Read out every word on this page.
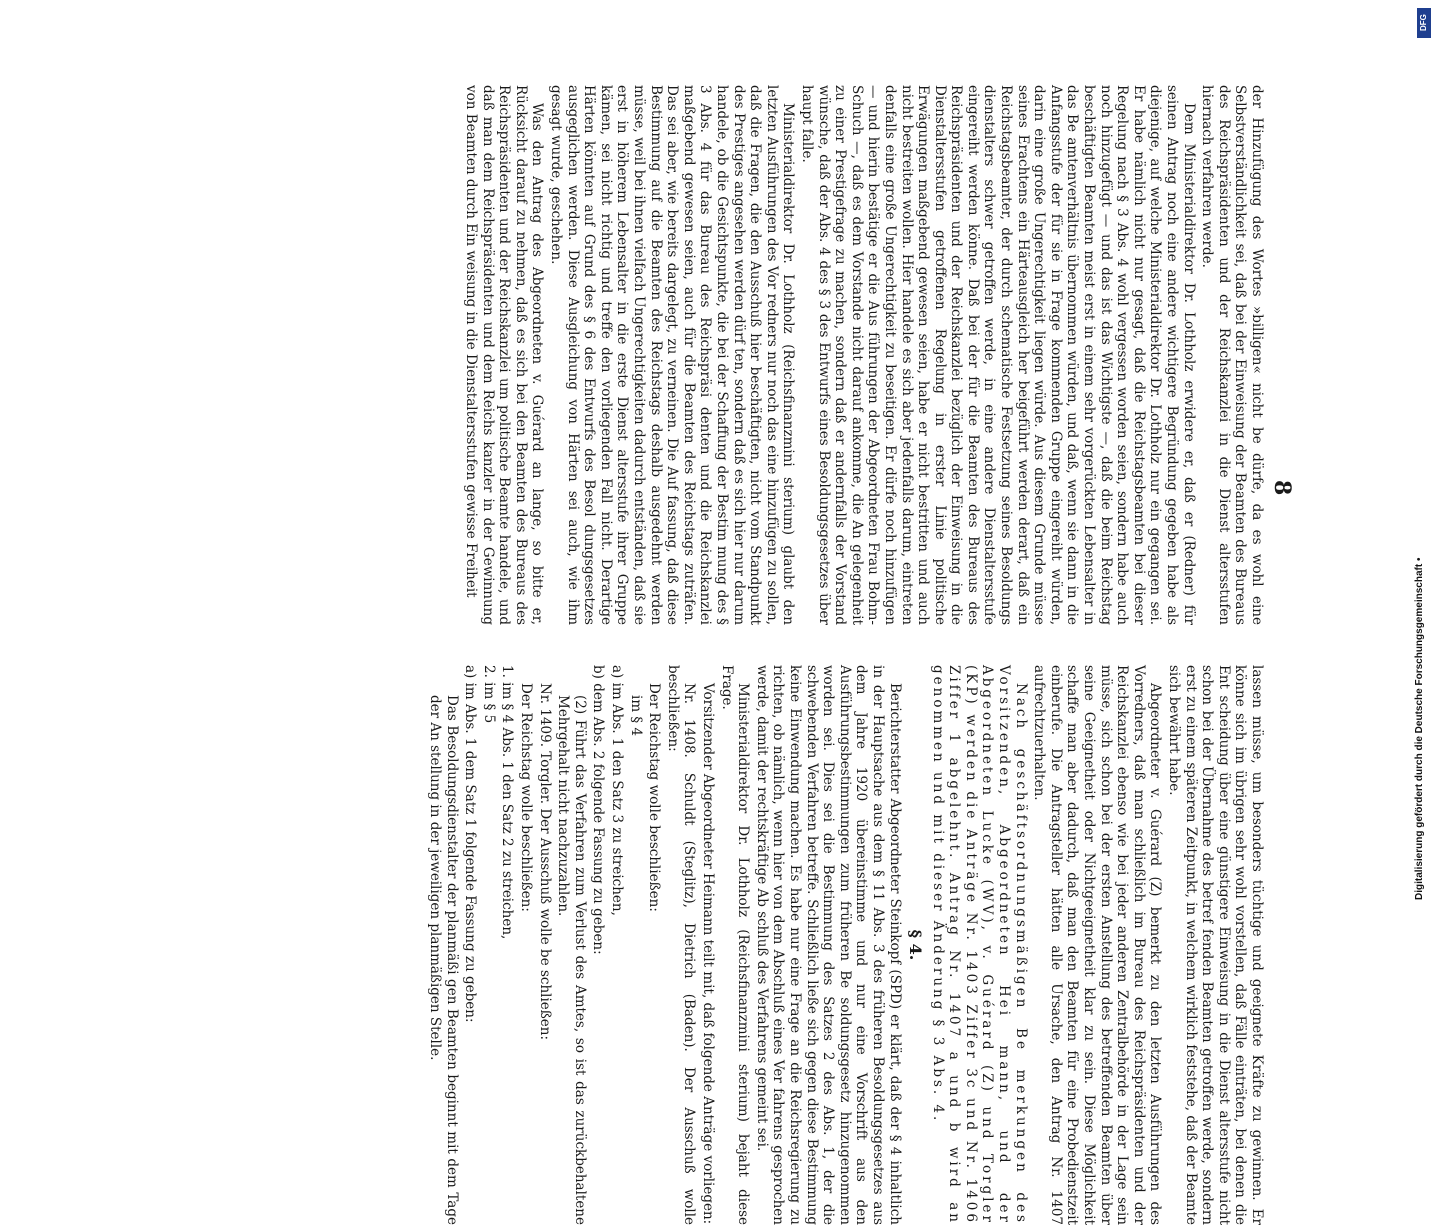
8

der Hinzufügung des Wortes »billigen« nicht be dürfe, da es wohl eine Selbstverständlichkeit sei, daß bei der Einweisung der Beamten des Bureaus des Reichspräsidenten und der Reichskanzlei in die Dienst altersstufen hiernach verfahren werde.

Dem Ministerialdirektor Dr. Lothholz erwidere er, daß er (Redner) für seinen Antrag noch eine andere wichtigere Begründung gegeben habe als diejenige, auf welche Ministerialdirektor Dr. Lothholz nur ein gegangen sei. Er habe nämlich nicht nur gesagt, daß die Reichstagsbeamten bei dieser Regelung nach § 3 Abs. 4 wohl vergessen worden seien, sondern habe auch noch hinzugefügt — und das ist das Wichtigste —, daß die beim Reichstag beschäftigten Beamten meist erst in einem sehr vorgerückten Lebensalter in das Be amtenverhältnis übernommen würden, und daß, wenn sie dann in die Anfangsstufe der für sie in Frage kommenden Gruppe eingereiht würden, darin eine große Ungerechtigkeit liegen würde. Aus diesem Grunde müsse seines Erachtens ein Härteausgleich her beigeführt werden derart, daß ein Reichstagsbeamter, der durch schematische Festsetzung seines Besoldungs dienstalters schwer getroffen werde, in eine andere Dienstaltersstufe eingereiht werden könne. Daß bei der für die Beamten des Bureaus des Reichspräsidenten und der Reichskanzlei bezüglich der Einweisung in die Dienstaltersstufen getroffenen Regelung in erster Linie politische Erwägungen maßgebend gewesen seien, habe er nicht bestritten und auch nicht bestreiten wollen. Hier handele es sich aber jedenfalls darum, eintreten denfalls eine große Ungerechtigkeit zu beseitigen. Er dürfe noch hinzufügen — und hierin bestätige er die Aus führungen der Abgeordneten Frau Bohm-Schuch —, daß es dem Vorstande nicht darauf ankomme, die An gelegenheit zu einer Prestigefrage zu machen, sondern daß er andernfalls der Vorstand wünsche, daß der Abs. 4 des § 3 des Entwurfs eines Besoldungsgesetzes über haupt falle.

Ministerialdirektor Dr. Lothholz (Reichsfinanzmini sterium) glaubt den letzten Ausführungen des Vor redners nur noch das eine hinzufügen zu sollen, daß die Fragen, die den Ausschuß hier beschäftigten, nicht vom Standpunkt des Prestiges angesehen werden dürf ten, sondern daß es sich hier nur darum handele, ob die Gesichtspunkte, die bei der Schaffung der Bestim mung des § 3 Abs. 4 für das Bureau des Reichspräsi denten und die Reichskanzlei maßgebend gewesen seien, auch für die Beamten des Reichstags zuträfen. Das sei aber, wie bereits dargelegt, zu verneinen. Die Auf fassung, daß diese Bestimmung auf die Beamten des Reichstags deshalb ausgedehnt werden müsse, weil bei ihnen vielfach Ungerechtigkeiten dadurch entständen, daß sie erst in höherem Lebensalter in die erste Dienst altersstufe ihrer Gruppe kämen, sei nicht richtig und treffe den vorliegenden Fall nicht. Derartige Härten könnten auf Grund des § 6 des Entwurfs des Besol dungsgesetzes ausgeglichen werden. Diese Ausgleichung von Härten sei auch, wie ihm gesagt wurde, geschehen.

Was den Antrag des Abgeordneten v. Guérard an lange, so bitte er, Rücksicht darauf zu nehmen, daß es sich bei den Beamten des Bureaus des Reichspräsidenten und der Reichskanzlei um politische Beamte handele, und daß man dem Reichspräsidenten und dem Reichs kanzler in der Gewinnung von Beamten durch Ein weisung in die Dienstaltersstufen gewisse Freiheit

lassen müsse, um besonders tüchtige und geeignete Kräfte zu gewinnen. Er könne sich im übrigen sehr wohl vorstellen, daß Fälle einträten, bei denen die Ent scheidung über eine günstigere Einweisung in die Dienst altersstufe nicht schon bei der Übernahme des betref fenden Beamten getroffen werde, sondern erst zu einem späteren Zeitpunkt, in welchem wirklich feststehe, daß der Beamte sich bewährt habe.

Abgeordneter v. Guérard (Z) bemerkt zu den letzten Ausführungen des Vorredners, daß man schließlich im Bureau des Reichspräsidenten und der Reichskanzlei ebenso wie bei jeder anderen Zentralbehörde in der Lage sein müsse, sich schon bei der ersten Anstellung des betreffenden Beamten über seine Geeignetheit oder Nichtgeeignetheit klar zu sein. Diese Möglichkeit schaffe man aber dadurch, daß man den Beamten für eine Probedienstzeit einberufe. Die Antragsteller hätten alle Ursache, den Antrag Nr. 1407 aufrechtzuerhalten.

Nach geschäftsordnungsmäßigen Be merkungen des Vorsitzenden, Abgeordneten Hei mann, und der Abgeordneten Lucke (WV), v. Guérard (Z) und Torgler (KP) werden die Anträge Nr. 1403 Ziffer 3c und Nr. 1406 Ziffer 1 abgelehnt. Antrag Nr. 1407 a und b wird an genommen und mit dieser Änderung § 3 Abs. 4.

§ 4.

Berichterstatter Abgeordneter Steinkopf (SPD) er klärt, daß der § 4 inhaltlich in der Hauptsache aus dem § 11 Abs. 3 des früheren Besoldungsgesetzes aus dem Jahre 1920 übereinstimme und nur eine Vorschrift aus den Ausführungsbestimmungen zum früheren Be soldungsgesetz hinzugenommen worden sei. Dies sei die Bestimmung des Satzes 2 des Abs. 1, der die schwebenden Verfahren betreffe. Schließlich ließe sich gegen diese Bestimmung keine Einwendung machen. Es habe nur eine Frage an die Reichsregierung zu richten, ob nämlich, wenn hier von dem Abschluß eines Ver fahrens gesprochen werde, damit der rechtskräftige Ab schluß des Verfahrens gemeint sei.

Ministerialdirektor Dr. Lothholz (Reichsfinanzmini sterium) bejaht diese Frage.

Vorsitzender Abgeordneter Heimann teilt mit, daß folgende Anträge vorliegen:

Nr. 1408. Schuldt (Steglitz), Dietrich (Baden). Der Ausschuß wolle beschließen:

Der Reichstag wolle beschließen:

im § 4

a) im Abs. 1 den Satz 3 zu streichen,

b) dem Abs. 2 folgende Fassung zu geben:

(2) Führt das Verfahren zum Verlust des Amtes, so ist das zurückbehaltene Mehrgehalt nicht nachzuzahlen.

Nr. 1409. Torgler. Der Ausschuß wolle be schließen:

Der Reichstag wolle beschließen:

1. im § 4 Abs. 1 den Satz 2 zu streichen,

2. im § 5

a) im Abs. 1 dem Satz 1 folgende Fassung zu geben:

Das Besoldungsdienstalter der planmäßi gen Beamten beginnt mit dem Tage der An stellung in der jeweiligen planmäßigen Stelle.

DFG
Digitalisierung gefördert durch die Deutsche Forschungsgemeinschaft •
